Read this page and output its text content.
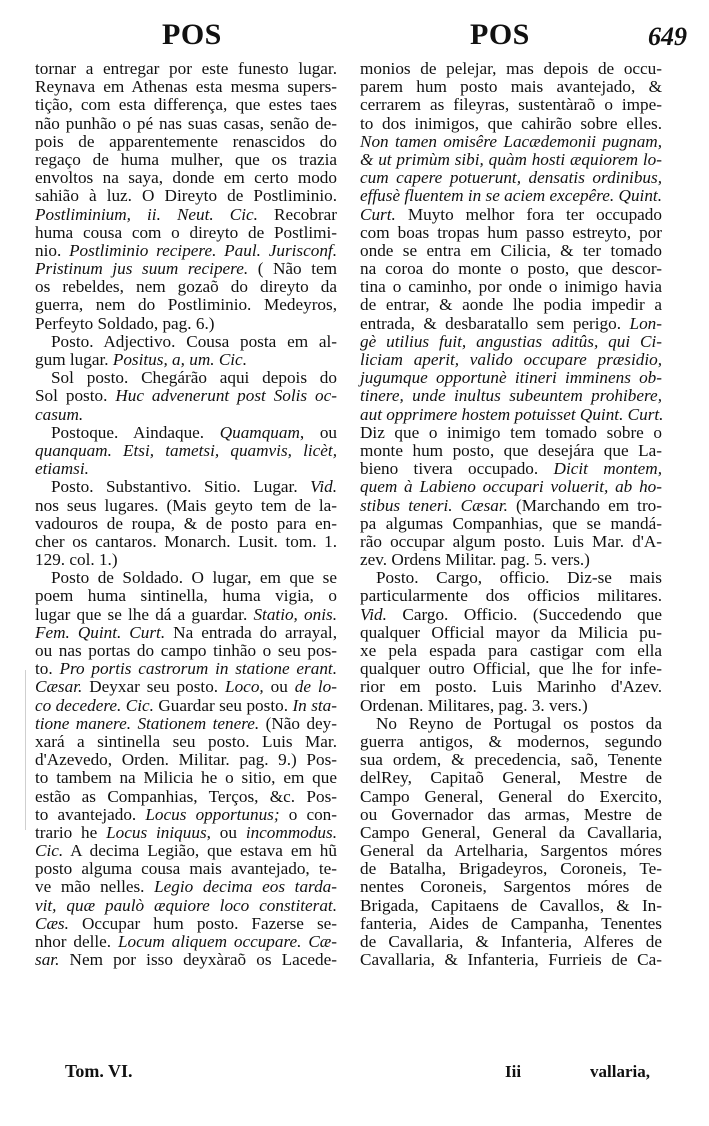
POS	POS	649
tornar a entregar por este funesto lugar.
Reynava em Athenas esta mesma supers-
tição, com esta differença, que estes taes
não punhão o pé nas suas casas, senão de-
pois de apparentemente renascidos do
regaço de huma mulher, que os trazia
envoltos na saya, donde em certo modo
sahião à luz. O Direyto de Postliminio.
Postliminium, ii. Neut. Cic. Recobrar
huma cousa com o direyto de Postlimi-
nio. Postliminio recipere. Paul. Jurisconf.
Pristinum jus suum recipere. ( Não tem
os rebeldes, nem gozaõ do direyto da
guerra, nem do Postliminio. Medeyros,
Perfeyto Soldado, pag. 6.)
Posto. Adjectivo. Cousa posta em al-
gum lugar. Positus, a, um. Cic.
Sol posto. Chegárão aqui depois do
Sol posto. Huc advenerunt post Solis oc-
casum.
Postoque. Aindaque. Quamquam, ou
quanquam. Etsi, tametsi, quamvis, licèt,
etiamsi.
Posto. Substantivo. Sitio. Lugar. Vid.
nos seus lugares. (Mais geyto tem de la-
vadouros de roupa, & de posto para en-
cher os cantaros. Monarch. Lusit. tom. 1.
129. col. 1.)
Posto de Soldado. O lugar, em que se
poem huma sintinella, huma vigia, o
lugar que se lhe dá a guardar. Statio, onis.
Fem. Quint. Curt. Na entrada do arrayal,
ou nas portas do campo tinhão o seu pos-
to. Pro portis castrorum in statione erant.
Cæsar. Deyxar seu posto. Loco, ou de lo-
co decedere. Cic. Guardar seu posto. In sta-
tione manere. Stationem tenere. (Não dey-
xará a sintinella seu posto. Luis Mar.
d'Azevedo, Orden. Militar. pag. 9.) Pos-
to tambem na Milicia he o sitio, em que
estão as Companhias, Terços, &c. Pos-
to avantejado. Locus opportunus; o con-
trario he Locus iniquus, ou incommodus.
Cic. A decima Legião, que estava em hũ
posto alguma cousa mais avantejado, te-
ve mão nelles. Legio decima eos tarda-
vit, quæ paulò æquiore loco constiterat.
Cæs. Occupar hum posto. Fazerse se-
nhor delle. Locum aliquem occupare. Cæ-
sar. Nem por isso deyxàraõ os Lacede-
monios de pelejar, mas depois de occu-
parem hum posto mais avantejado, &
cerrarem as fileyras, sustentàraõ o impe-
to dos inimigos, que cahirão sobre elles.
Non tamen omisêre Lacædemonii pugnam,
& ut primùm sibi, quàm hosti æquiorem lo-
cum capere potuerunt, densatis ordinibus,
effusè fluentem in se aciem excepêre. Quint.
Curt. Muyto melhor fora ter occupado
com boas tropas hum passo estreyto, por
onde se entra em Cilicia, & ter tomado
na coroa do monte o posto, que descor-
tina o caminho, por onde o inimigo havia
de entrar, & aonde lhe podia impedir a
entrada, & desbaratallo sem perigo. Lon-
gè utilius fuit, angustias aditûs, qui Ci-
liciam aperit, valido occupare præsidio,
jugumque opportunè itineri imminens ob-
tinere, unde inultus subeuntem prohibere,
aut opprimere hostem potuisset Quint. Curt.
Diz que o inimigo tem tomado sobre o
monte hum posto, que desejára que La-
bieno tivera occupado. Dicit montem,
quem à Labieno occupari voluerit, ab ho-
stibus teneri. Cæsar. (Marchando em tro-
pa algumas Companhias, que se mandá-
rão occupar algum posto. Luis Mar. d'A-
zev. Ordens Militar. pag. 5. vers.)
Posto. Cargo, officio. Diz-se mais
particularmente dos officios militares.
Vid. Cargo. Officio. (Succedendo que
qualquer Official mayor da Milicia pu-
xe pela espada para castigar com ella
qualquer outro Official, que lhe for infe-
rior em posto. Luis Marinho d'Azev.
Ordenan. Militares, pag. 3. vers.)
No Reyno de Portugal os postos da
guerra antigos, & modernos, segundo
sua ordem, & precedencia, saõ, Tenente
delRey, Capitaõ General, Mestre de
Campo General, General do Exercito,
ou Governador das armas, Mestre de
Campo General, General da Cavallaria,
General da Artelharia, Sargentos móres
de Batalha, Brigadeyros, Coroneis, Te-
nentes Coroneis, Sargentos móres de
Brigada, Capitaens de Cavallos, & In-
fanteria, Aides de Campanha, Tenentes
de Cavallaria, & Infanteria, Alferes de
Cavallaria, & Infanteria, Furrieis de Ca-
Tom. VI.	Iii	vallaria,
